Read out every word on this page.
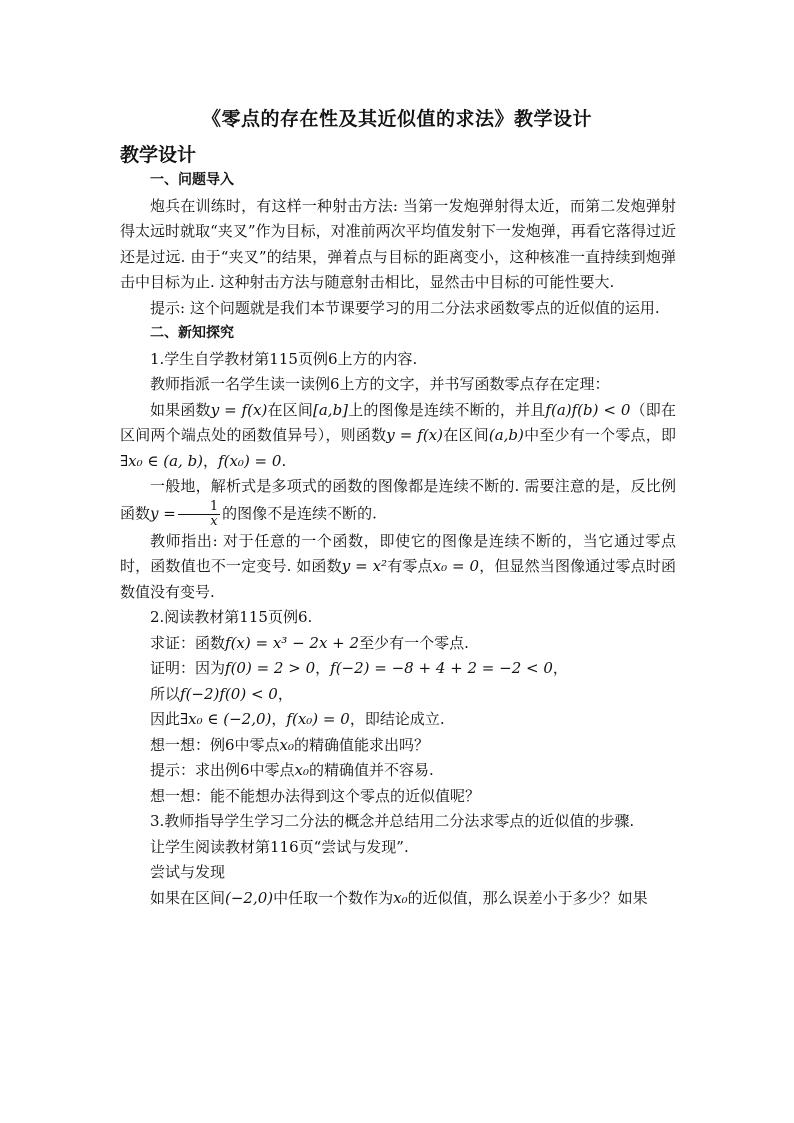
《零点的存在性及其近似值的求法》教学设计
教学设计

一、问题导入

炮兵在训练时，有这样一种射击方法: 当第一发炮弹射得太近，而第二发炮弹射得太远时就取“夹叉”作为目标，对准前两次平均值发射下一发炮弹，再看它落得过近还是过远. 由于“夹叉”的结果，弹着点与目标的距离变小，这种核准一直持续到炮弹击中目标为止. 这种射击方法与随意射击相比，显然击中目标的可能性要大.

提示: 这个问题就是我们本节课要学习的用二分法求函数零点的近似值的运用.

二、新知探究

1.学生自学教材第115页例6上方的内容.

教师指派一名学生读一读例6上方的文字，并书写函数零点存在定理：

如果函数y = f(x)在区间[a,b]上的图像是连续不断的，并且f(a)f(b) < 0（即在区间两个端点处的函数值异号），则函数y = f(x)在区间(a,b)中至少有一个零点，即∃x₀ ∈ (a, b)，f(x₀) = 0.

一般地，解析式是多项式的函数的图像都是连续不断的. 需要注意的是，反比例函数$y = \frac{1}{x}$ 的图像不是连续不断的.

教师指出: 对于任意的一个函数，即使它的图像是连续不断的，当它通过零点时，函数值也不一定变号. 如函数y = x²有零点x₀ = 0，但显然当图像通过零点时函数值没有变号.

2.阅读教材第115页例6.

求证：函数f(x) = x³ − 2x + 2至少有一个零点.

证明：因为f(0) = 2 > 0，f(−2) = −8 + 4 + 2 = −2 < 0，

所以f(−2)f(0) < 0，

因此∃x₀ ∈ (−2,0)，f(x₀) = 0，即结论成立.

想一想：例6中零点x₀的精确值能求出吗？

提示：求出例6中零点x₀的精确值并不容易.

想一想：能不能想办法得到这个零点的近似值呢？

3.教师指导学生学习二分法的概念并总结用二分法求零点的近似值的步骤.

让学生阅读教材第116页“尝试与发现”.

尝试与发现

如果在区间(−2,0)中任取一个数作为x₀的近似值，那么误差小于多少？如果
